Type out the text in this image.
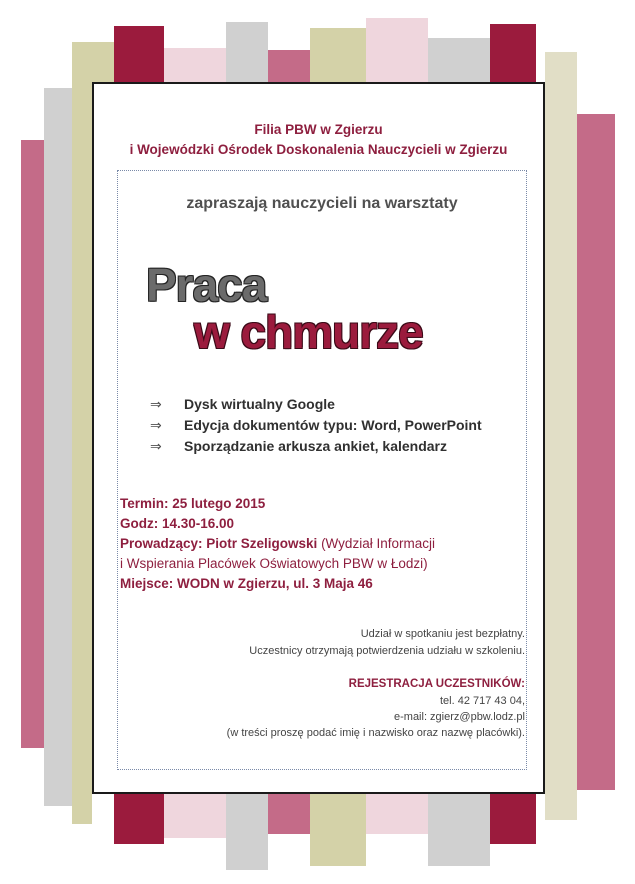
Filia PBW w Zgierzu
i Wojewódzki Ośrodek Doskonalenia Nauczycieli w Zgierzu
zapraszają nauczycieli na warsztaty
Praca
w chmurze
⇒ Dysk wirtualny Google
⇒ Edycja dokumentów typu: Word, PowerPoint
⇒ Sporządzanie arkusza ankiet, kalendarz
Termin: 25 lutego 2015
Godz: 14.30-16.00
Prowadzący: Piotr Szeligowski (Wydział Informacji
i Wspierania Placówek Oświatowych PBW w Łodzi)
Miejsce: WODN w Zgierzu, ul. 3 Maja 46
Udział w spotkaniu jest bezpłatny.
Uczestnicy otrzymają potwierdzenia udziału w szkoleniu.
REJESTRACJA UCZESTNIKÓW:
tel. 42 717 43 04,
e-mail: zgierz@pbw.lodz.pl
(w treści proszę podać imię i nazwisko oraz nazwę placówki).
